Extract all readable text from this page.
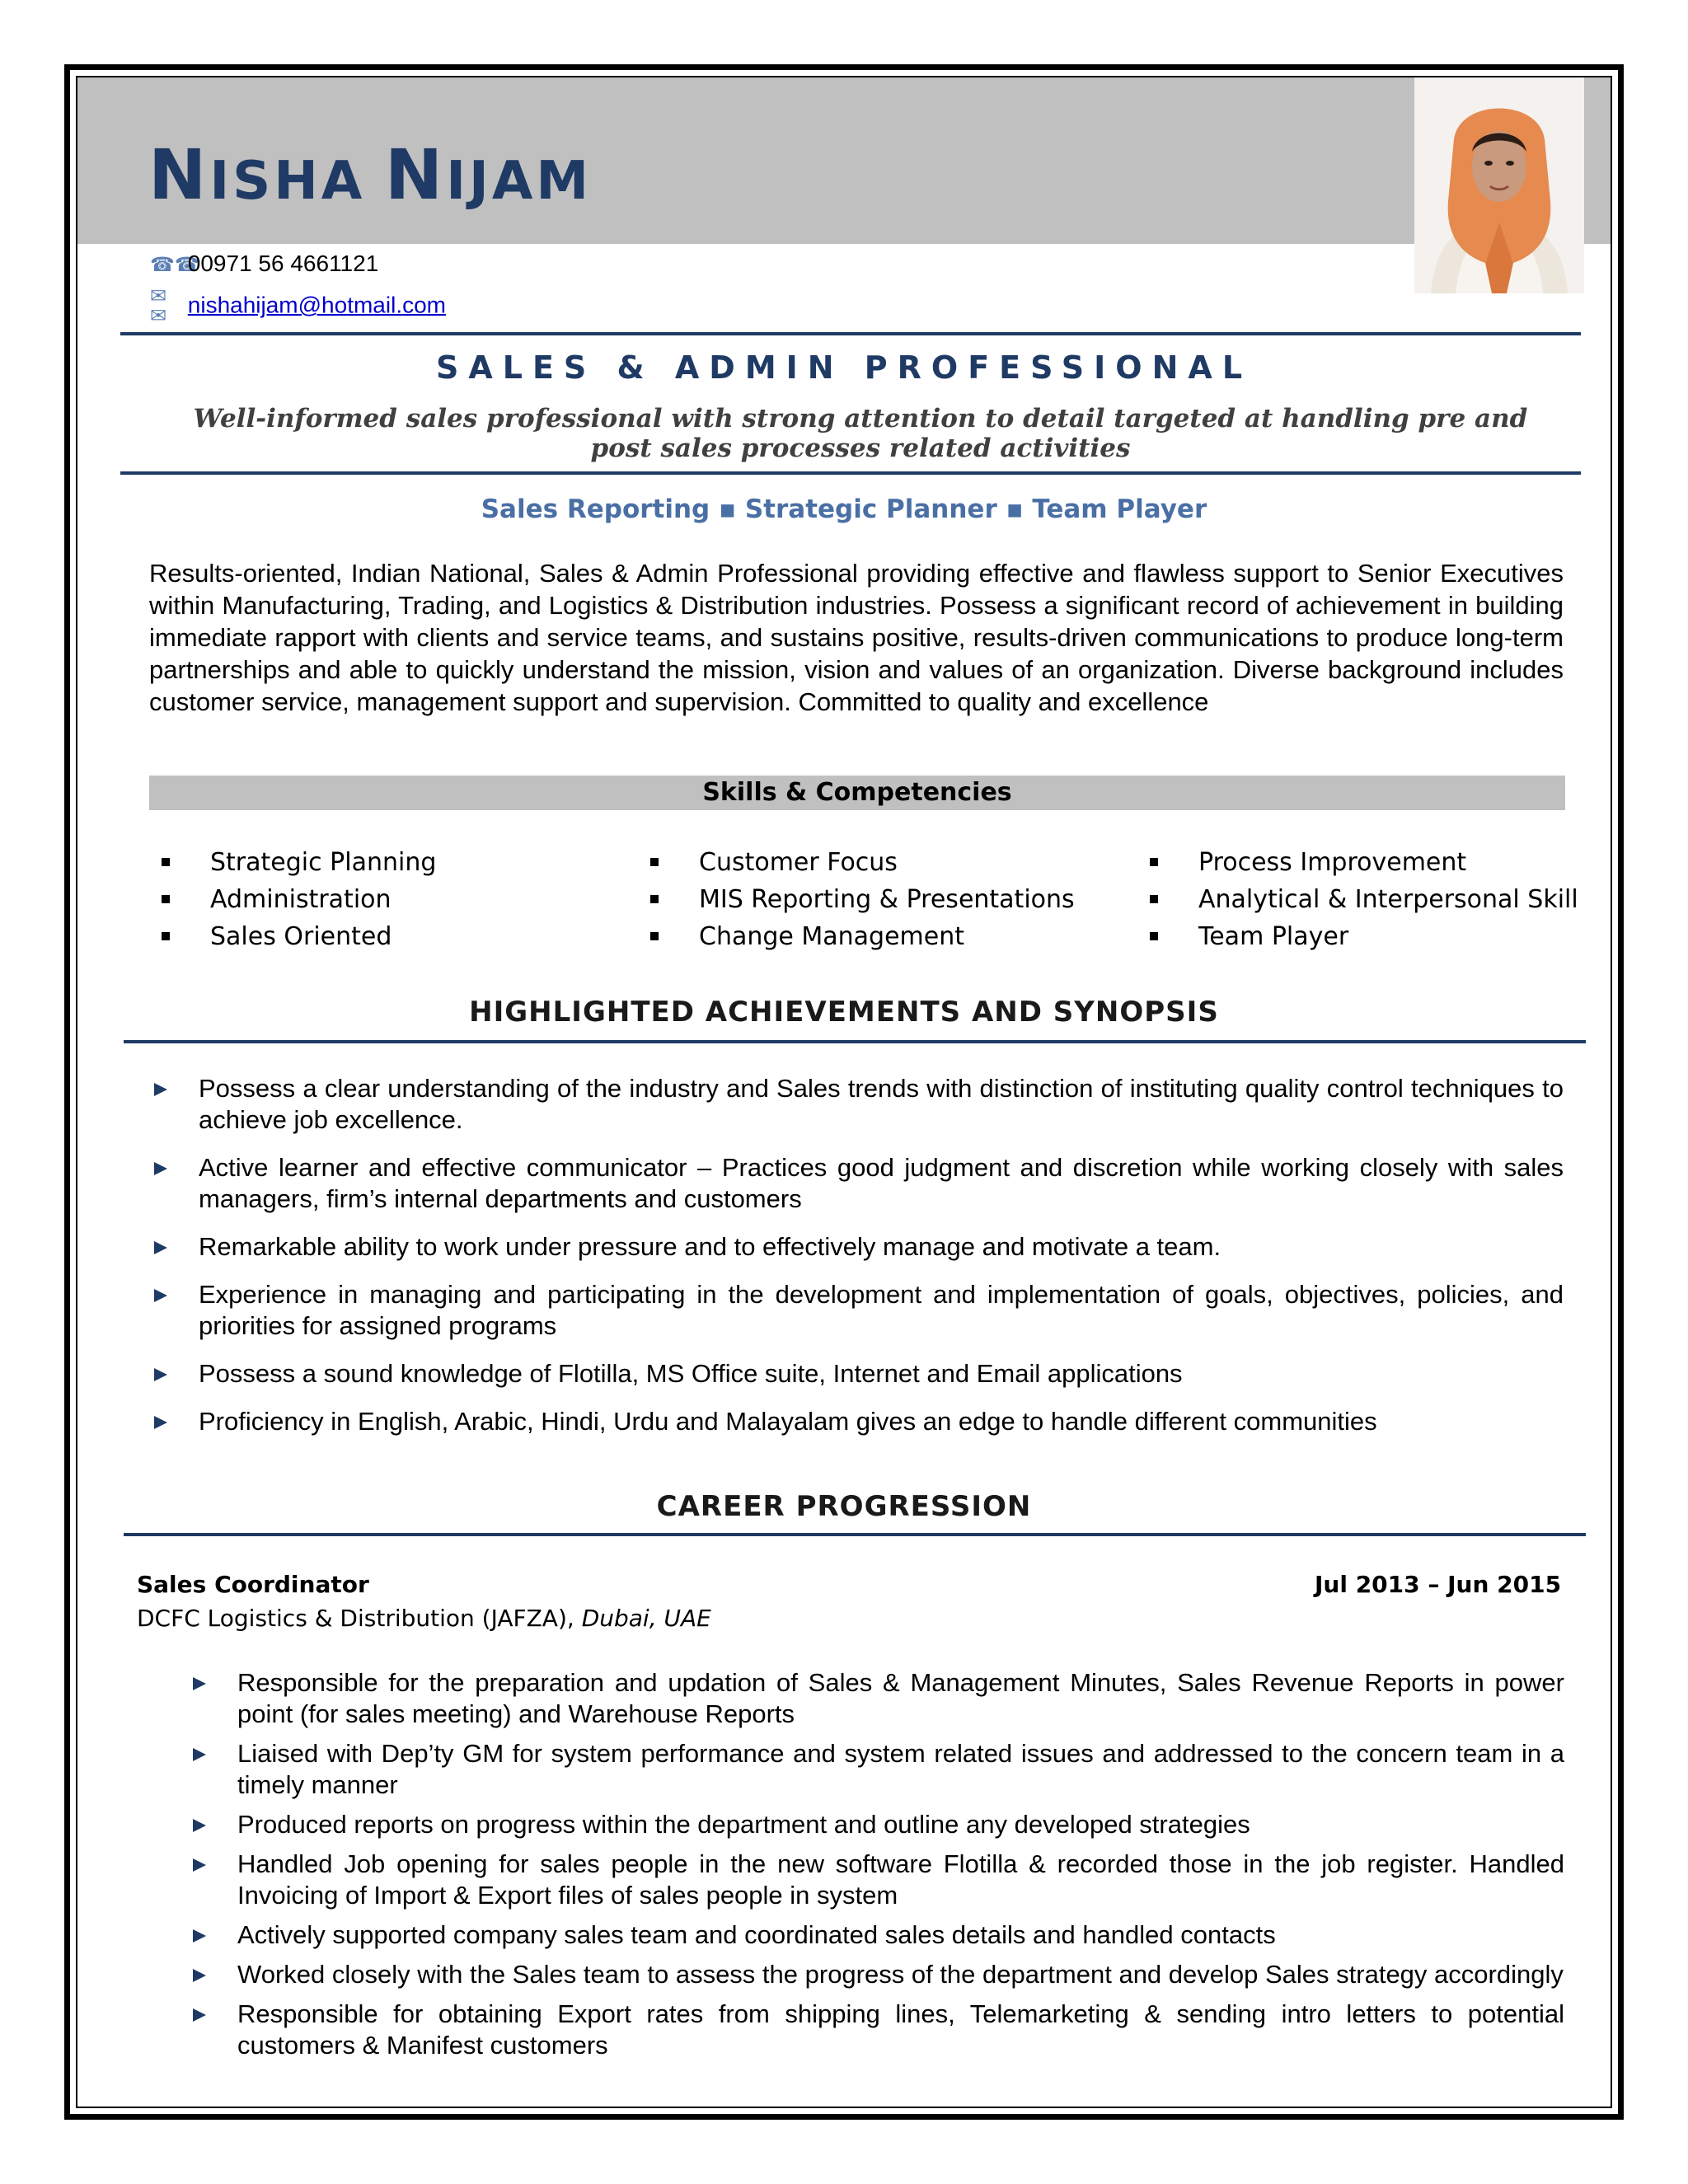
NISHA NIJAM
☎☎ 00971 56 4661121
✉✉ nishahijam@hotmail.com
SALES & ADMIN PROFESSIONAL
Well-informed sales professional with strong attention to detail targeted at handling pre and post sales processes related activities
Sales Reporting ▪ Strategic Planner ▪ Team Player
Results-oriented, Indian National, Sales & Admin Professional providing effective and flawless support to Senior Executives within Manufacturing, Trading, and Logistics & Distribution industries. Possess a significant record of achievement in building immediate rapport with clients and service teams, and sustains positive, results-driven communications to produce long-term partnerships and able to quickly understand the mission, vision and values of an organization. Diverse background includes customer service, management support and supervision. Committed to quality and excellence
Skills & Competencies
Strategic Planning
Administration
Sales Oriented
Customer Focus
MIS Reporting & Presentations
Change Management
Process Improvement
Analytical & Interpersonal Skill
Team Player
HIGHLIGHTED ACHIEVEMENTS AND SYNOPSIS
Possess a clear understanding of the industry and Sales trends with distinction of instituting quality control techniques to achieve job excellence.
Active learner and effective communicator – Practices good judgment and discretion while working closely with sales managers, firm’s internal departments and customers
Remarkable ability to work under pressure and to effectively manage and motivate a team.
Experience in managing and participating in the development and implementation of goals, objectives, policies, and priorities for assigned programs
Possess a sound knowledge of Flotilla, MS Office suite, Internet and Email applications
Proficiency in English, Arabic, Hindi, Urdu and Malayalam gives an edge to handle different communities
CAREER PROGRESSION
Sales Coordinator	Jul 2013 – Jun 2015
DCFC Logistics & Distribution (JAFZA), Dubai, UAE
Responsible for the preparation and updation of Sales & Management Minutes, Sales Revenue Reports in power point (for sales meeting) and Warehouse Reports
Liaised with Dep’ty GM for system performance and system related issues and addressed to the concern team in a timely manner
Produced reports on progress within the department and outline any developed strategies
Handled Job opening for sales people in the new software Flotilla & recorded those in the job register. Handled Invoicing of Import & Export files of sales people in system
Actively supported company sales team and coordinated sales details and handled contacts
Worked closely with the Sales team to assess the progress of the department and develop Sales strategy accordingly
Responsible for obtaining Export rates from shipping lines, Telemarketing & sending intro letters to potential customers & Manifest customers
